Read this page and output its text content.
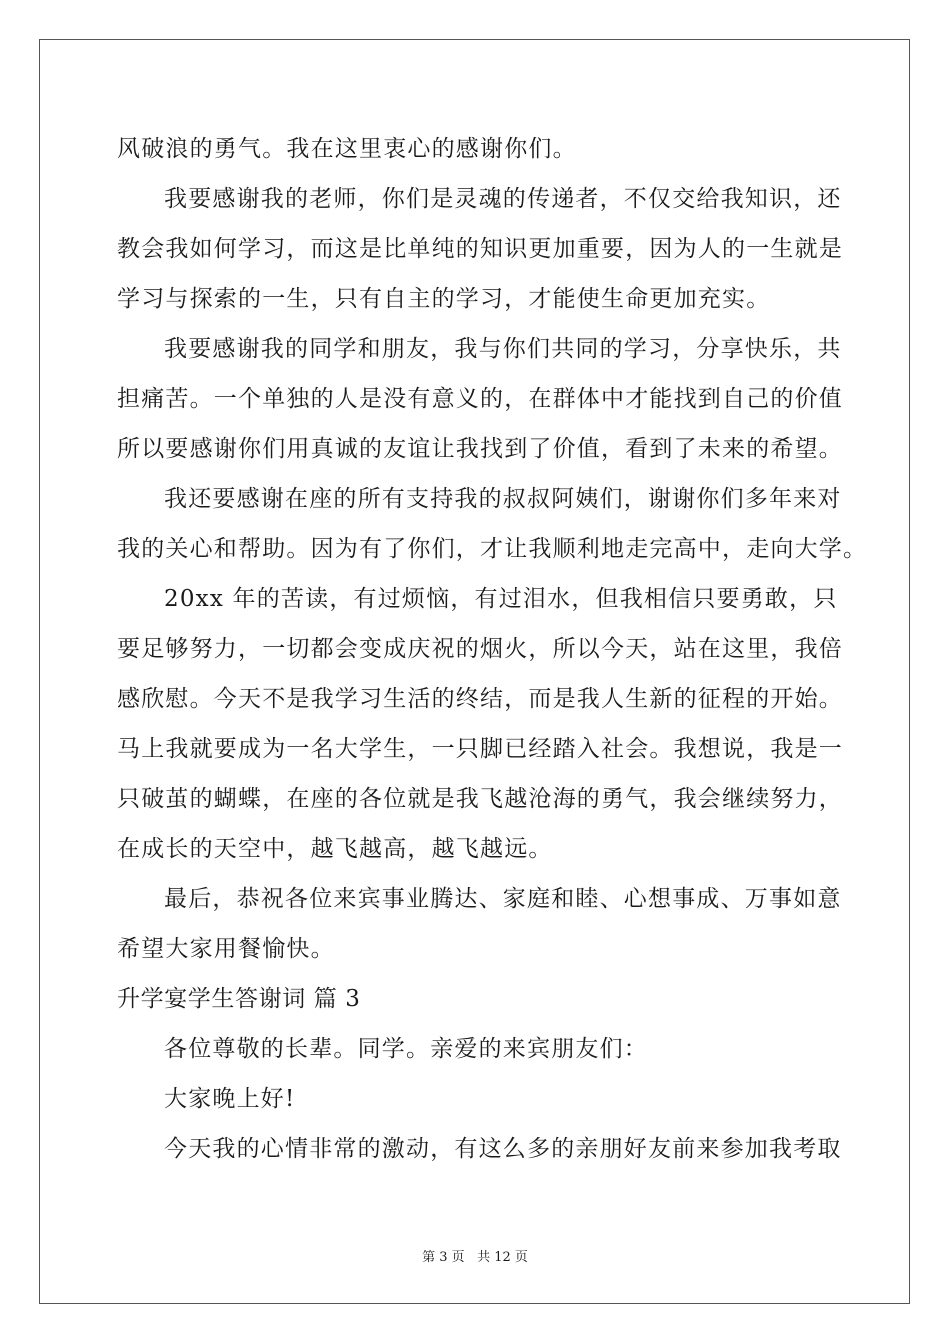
风破浪的勇气。我在这里衷心的感谢你们。
我要感谢我的老师，你们是灵魂的传递者，不仅交给我知识，还
教会我如何学习，而这是比单纯的知识更加重要，因为人的一生就是
学习与探索的一生，只有自主的学习，才能使生命更加充实。
我要感谢我的同学和朋友，我与你们共同的学习，分享快乐，共
担痛苦。一个单独的人是没有意义的，在群体中才能找到自己的价值
所以要感谢你们用真诚的友谊让我找到了价值，看到了未来的希望。
我还要感谢在座的所有支持我的叔叔阿姨们，谢谢你们多年来对
我的关心和帮助。因为有了你们，才让我顺利地走完高中，走向大学。
20xx 年的苦读，有过烦恼，有过泪水，但我相信只要勇敢，只
要足够努力，一切都会变成庆祝的烟火，所以今天，站在这里，我倍
感欣慰。今天不是我学习生活的终结，而是我人生新的征程的开始。
马上我就要成为一名大学生，一只脚已经踏入社会。我想说，我是一
只破茧的蝴蝶，在座的各位就是我飞越沧海的勇气，我会继续努力，
在成长的天空中，越飞越高，越飞越远。
最后，恭祝各位来宾事业腾达、家庭和睦、心想事成、万事如意
希望大家用餐愉快。
升学宴学生答谢词 篇 3
各位尊敬的长辈。同学。亲爱的来宾朋友们：
大家晚上好!
今天我的心情非常的激动，有这么多的亲朋好友前来参加我考取
第 3 页 共 12 页
